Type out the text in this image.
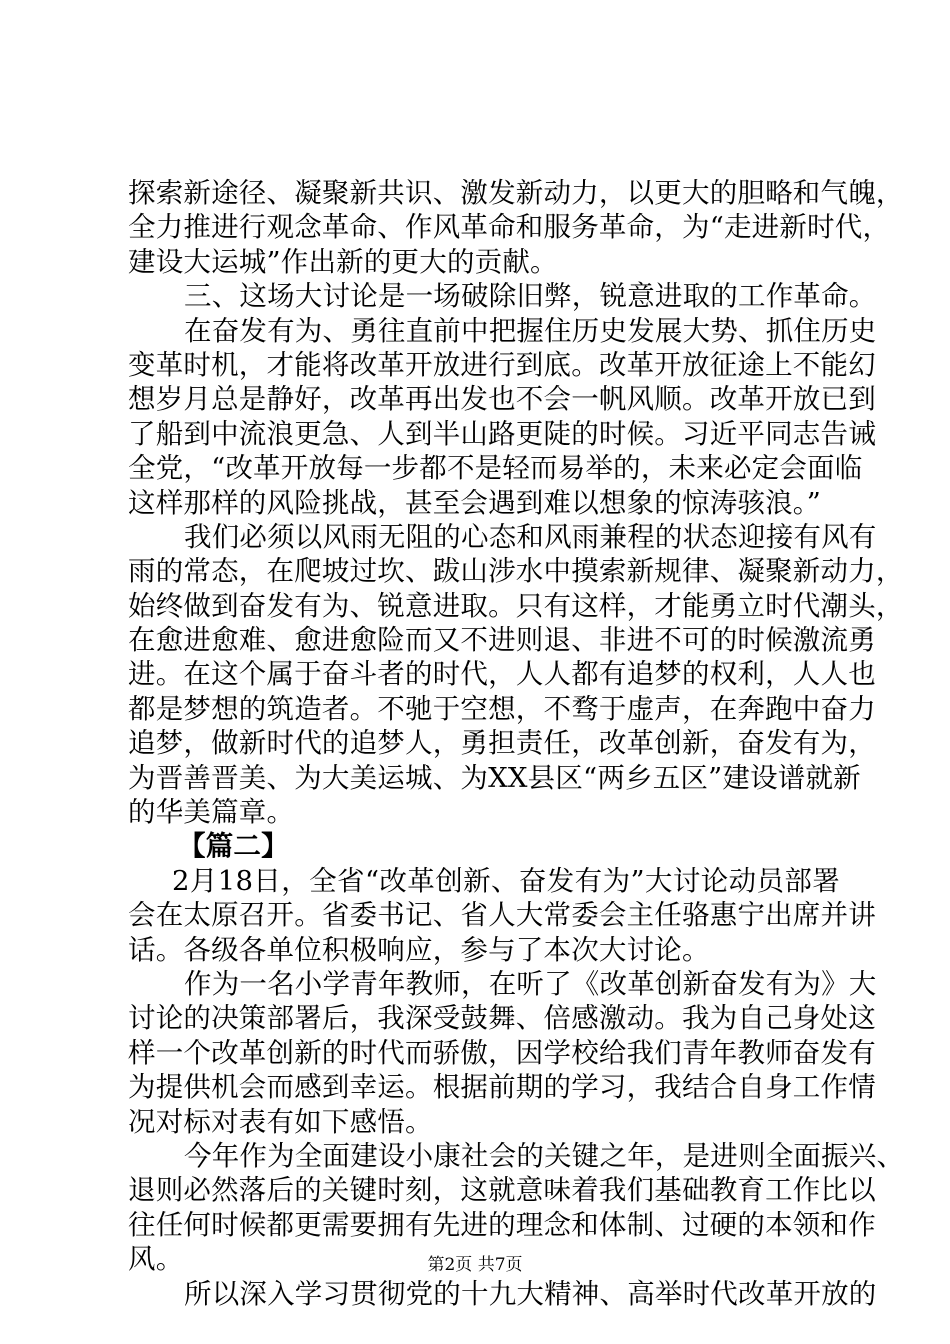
探索新途径、凝聚新共识、激发新动力，以更大的胆略和气魄，
全力推进行观念革命、作风革命和服务革命，为“走进新时代，
建设大运城”作出新的更大的贡献。
三、这场大讨论是一场破除旧弊，锐意进取的工作革命。
在奋发有为、勇往直前中把握住历史发展大势、抓住历史
变革时机，才能将改革开放进行到底。改革开放征途上不能幻
想岁月总是静好，改革再出发也不会一帆风顺。改革开放已到
了船到中流浪更急、人到半山路更陡的时候。习近平同志告诫
全党，“改革开放每一步都不是轻而易举的，未来必定会面临
这样那样的风险挑战，甚至会遇到难以想象的惊涛骇浪。”
我们必须以风雨无阻的心态和风雨兼程的状态迎接有风有
雨的常态，在爬坡过坎、跋山涉水中摸索新规律、凝聚新动力，
始终做到奋发有为、锐意进取。只有这样，才能勇立时代潮头，
在愈进愈难、愈进愈险而又不进则退、非进不可的时候激流勇
进。在这个属于奋斗者的时代，人人都有追梦的权利，人人也
都是梦想的筑造者。不驰于空想，不骛于虚声，在奔跑中奋力
追梦，做新时代的追梦人，勇担责任，改革创新，奋发有为，
为晋善晋美、为大美运城、为XX县区“两乡五区”建设谱就新
的华美篇章。
【篇二】
2月18日，全省“改革创新、奋发有为”大讨论动员部署
会在太原召开。省委书记、省人大常委会主任骆惠宁出席并讲
话。各级各单位积极响应，参与了本次大讨论。
作为一名小学青年教师，在听了《改革创新奋发有为》大
讨论的决策部署后，我深受鼓舞、倍感激动。我为自己身处这
样一个改革创新的时代而骄傲，因学校给我们青年教师奋发有
为提供机会而感到幸运。根据前期的学习，我结合自身工作情
况对标对表有如下感悟。
今年作为全面建设小康社会的关键之年，是进则全面振兴、
退则必然落后的关键时刻，这就意味着我们基础教育工作比以
往任何时候都更需要拥有先进的理念和体制、过硬的本领和作
风。
所以深入学习贯彻党的十九大精神、高举时代改革开放的
第2页 共7页
